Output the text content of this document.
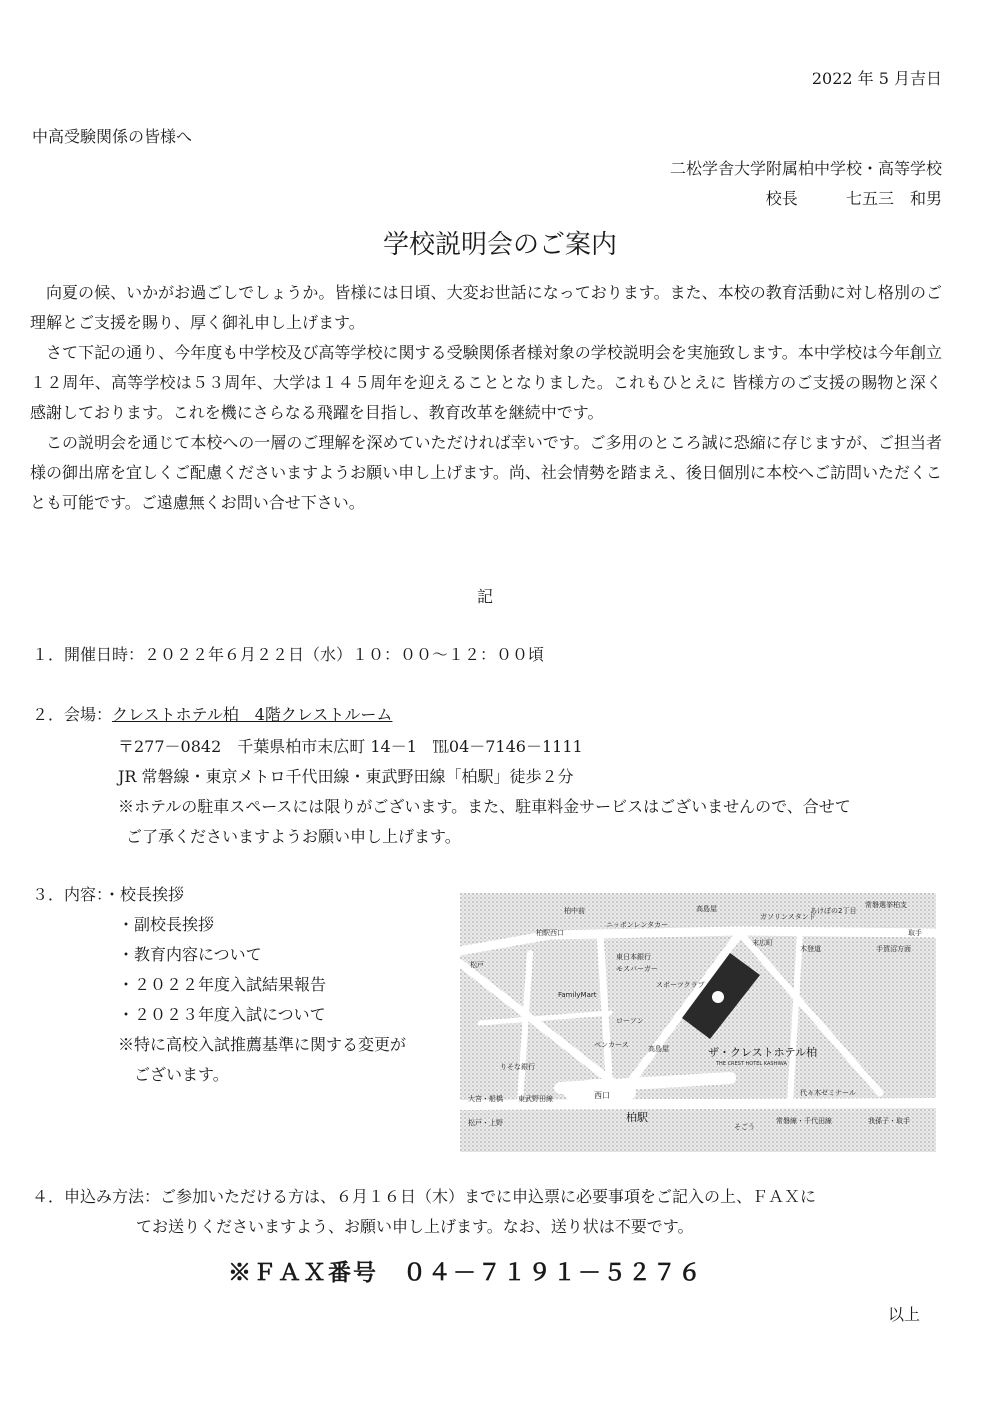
2022 年 5 月吉日

中高受験関係の皆様へ

二松学舎大学附属柏中学校・高等学校

校長	七五三　和男

学校説明会のご案内

向夏の候、いかがお過ごしでしょうか。皆様には日頃、大変お世話になっております。また、本校の教育活動に対し格別のご理解とご支援を賜り、厚く御礼申し上げます。

さて下記の通り、今年度も中学校及び高等学校に関する受験関係者様対象の学校説明会を実施致します。本中学校は今年創立１２周年、高等学校は５３周年、大学は１４５周年を迎えることとなりました。これもひとえに 皆様方のご支援の賜物と深く感謝しております。これを機にさらなる飛躍を目指し、教育改革を継続中です。

この説明会を通じて本校への一層のご理解を深めていただければ幸いです。ご多用のところ誠に恐縮に存じますが、ご担当者様の御出席を宜しくご配慮くださいますようお願い申し上げます。尚、社会情勢を踏まえ、後日個別に本校へご訪問いただくことも可能です。ご遠慮無くお問い合せ下さい。

記

１．開催日時：２０２２年６月２２日（水）１０：００～１２：００頃

２．会場：クレストホテル柏　4階クレストルーム

〒277－0842　千葉県柏市末広町 14－1　℡04－7146－1111

JR 常磐線・東京メトロ千代田線・東武野田線「柏駅」徒歩２分

※ホテルの駐車スペースには限りがございます。また、駐車料金サービスはございませんので、合せて

ご了承くださいますようお願い申し上げます。

３．内容：・校長挨拶

・副校長挨拶

・教育内容について

・２０２２年度入試結果報告

・２０２３年度入試について

※特に高校入試推薦基準に関する変更が

ございます。

柏中前
柏駅西口
ニッポンレンタカー
高島屋
ガソリンスタンド
あけぼの2丁目
常磐選挙柏支
末広町
木登道
東日本銀行
モスバーガー
スポーツクラブ
FamilyMart
ローソン
ペンカース	高島屋
りそな銀行
松戸
取手
代々木ゼミナール
常磐線・千代田線	我孫子・取手
そごう
大宮・船橋 東武野田線
松戸・上野
手賀沼方面
ザ・クレストホテル柏
THE CREST HOTEL KASHIWA
西口
柏駅

４．申込み方法：ご参加いただける方は、６月１６日（木）までに申込票に必要事項をご記入の上、ＦＡＸに

てお送りくださいますよう、お願い申し上げます。なお、送り状は不要です。

※ＦＡＸ番号　０４－７１９１－５２７６

以上
